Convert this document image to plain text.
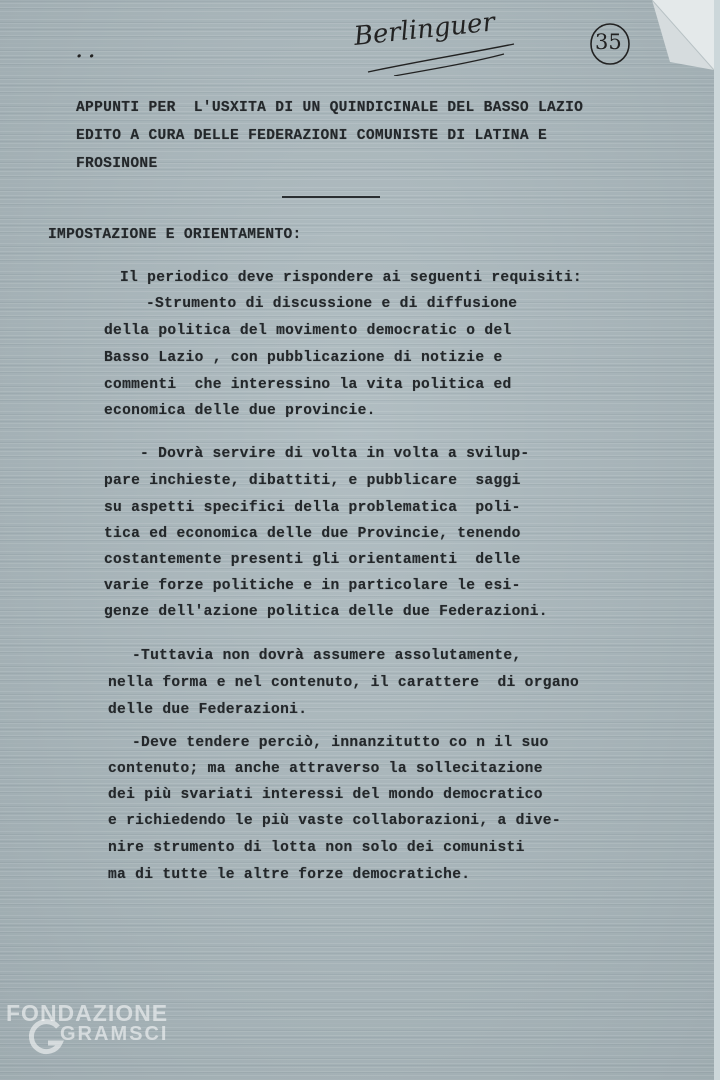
· ·
Berlinguer	35
APPUNTI PER  L'USXITA DI UN QUINDICINALE DEL BASSO LAZIO
EDITO A CURA DELLE FEDERAZIONI COMUNISTE DI LATINA E
FROSINONE
IMPOSTAZIONE E ORIENTAMENTO:
Il periodico deve rispondere ai seguenti requisiti:
-Strumento di discussione e di diffusione
della politica del movimento democratic o del
Basso Lazio , con pubblicazione di notizie e
commenti  che interessino la vita politica ed
economica delle due provincie.
- Dovrà servire di volta in volta a svilup-
pare inchieste, dibattiti, e pubblicare  saggi
su aspetti specifici della problematica  poli-
tica ed economica delle due Provincie, tenendo
costantemente presenti gli orientamenti  delle
varie forze politiche e in particolare le esi-
genze dell'azione politica delle due Federazioni.
-Tuttavia non dovrà assumere assolutamente,
nella forma e nel contenuto, il carattere  di organo
delle due Federazioni.
-Deve tendere perciò, innanzitutto co n il suo
contenuto; ma anche attraverso la sollecitazione
dei più svariati interessi del mondo democratico
e richiedendo le più vaste collaborazioni, a dive-
nire strumento di lotta non solo dei comunisti
ma di tutte le altre forze democratiche.
FONDAZIONE
GRAMSCI
